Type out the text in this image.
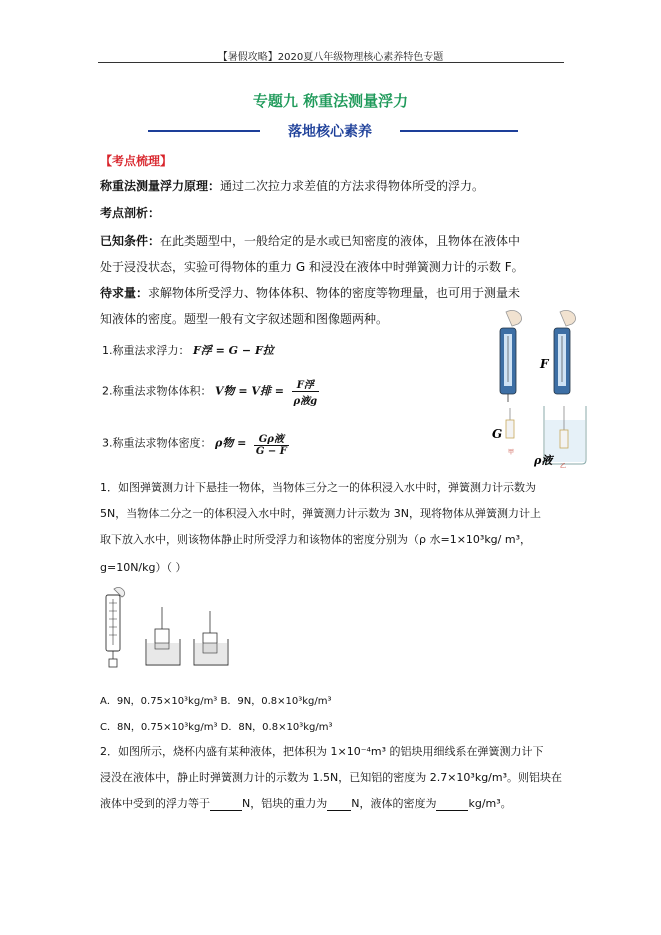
【暑假攻略】2020夏八年级物理核心素养特色专题
专题九 称重法测量浮力
落地核心素养
【考点梳理】
称重法测量浮力原理：通过二次拉力求差值的方法求得物体所受的浮力。
考点剖析：
已知条件：在此类题型中，一般给定的是水或已知密度的液体，且物体在液体中
处于浸没状态，实验可得物体的重力 G 和浸没在液体中时弹簧测力计的示数 F。
待求量：求解物体所受浮力、物体体积、物体的密度等物理量，也可用于测量未
知液体的密度。题型一般有文字叙述题和图像题两种。
1.称重法求浮力： F浮 = G − F拉
2.称重法求物体体积： V物 = V排 = $\frac{\text{F浮}}{\text{ρ液g}}$
3.称重法求物体密度： ρ物 = $\frac{\text{Gρ液}}{G - F}$
F
G
甲
ρ液	乙
1．如图弹簧测力计下悬挂一物体，当物体三分之一的体积浸入水中时，弹簧测力计示数为
5N，当物体二分之一的体积浸入水中时，弹簧测力计示数为 3N，现将物体从弹簧测力计上
取下放入水中，则该物体静止时所受浮力和该物体的密度分别为（ρ 水=1×10³kg/ m³，
g=10N/kg）（ ）
A．9N，0.75×10³kg/m³ B．9N，0.8×10³kg/m³
C．8N，0.75×10³kg/m³ D．8N，0.8×10³kg/m³
2．如图所示，烧杯内盛有某种液体，把体积为 1×10⁻⁴m³ 的铝块用细线系在弹簧测力计下
浸没在液体中，静止时弹簧测力计的示数为 1.5N，已知铝的密度为 2.7×10³kg/m³。则铝块在
液体中受到的浮力等于	N，铝块的重力为 N，液体的密度为	kg/m³。
